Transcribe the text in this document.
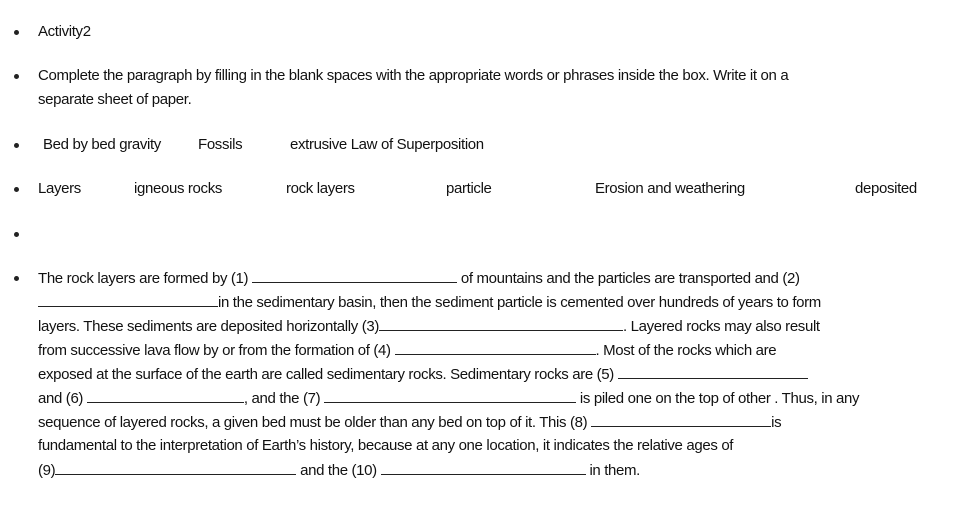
Activity2
Complete the paragraph by filling in the blank spaces with the appropriate words or phrases inside the box. Write it on a
separate sheet of paper.
Bed by bed gravity Fossils	extrusive Law of Superposition
Layers	igneous rocks	rock layers	particle	Erosion and weathering	deposited
The rock layers are formed by (1)	of mountains and the particles are transported and (2)
in the sedimentary basin, then the sediment particle is cemented over hundreds of years to form
layers. These sediments are deposited horizontally (3)	. Layered rocks may also result
from successive lava flow by or from the formation of (4)	. Most of the rocks which are
exposed at the surface of the earth are called sedimentary rocks. Sedimentary rocks are (5)
and (6)	, and the (7)	is piled one on the top of other . Thus, in any
sequence of layered rocks, a given bed must be older than any bed on top of it. This (8)	is
fundamental to the interpretation of Earth’s history, because at any one location, it indicates the relative ages of
(9)	and the (10)	in them.
